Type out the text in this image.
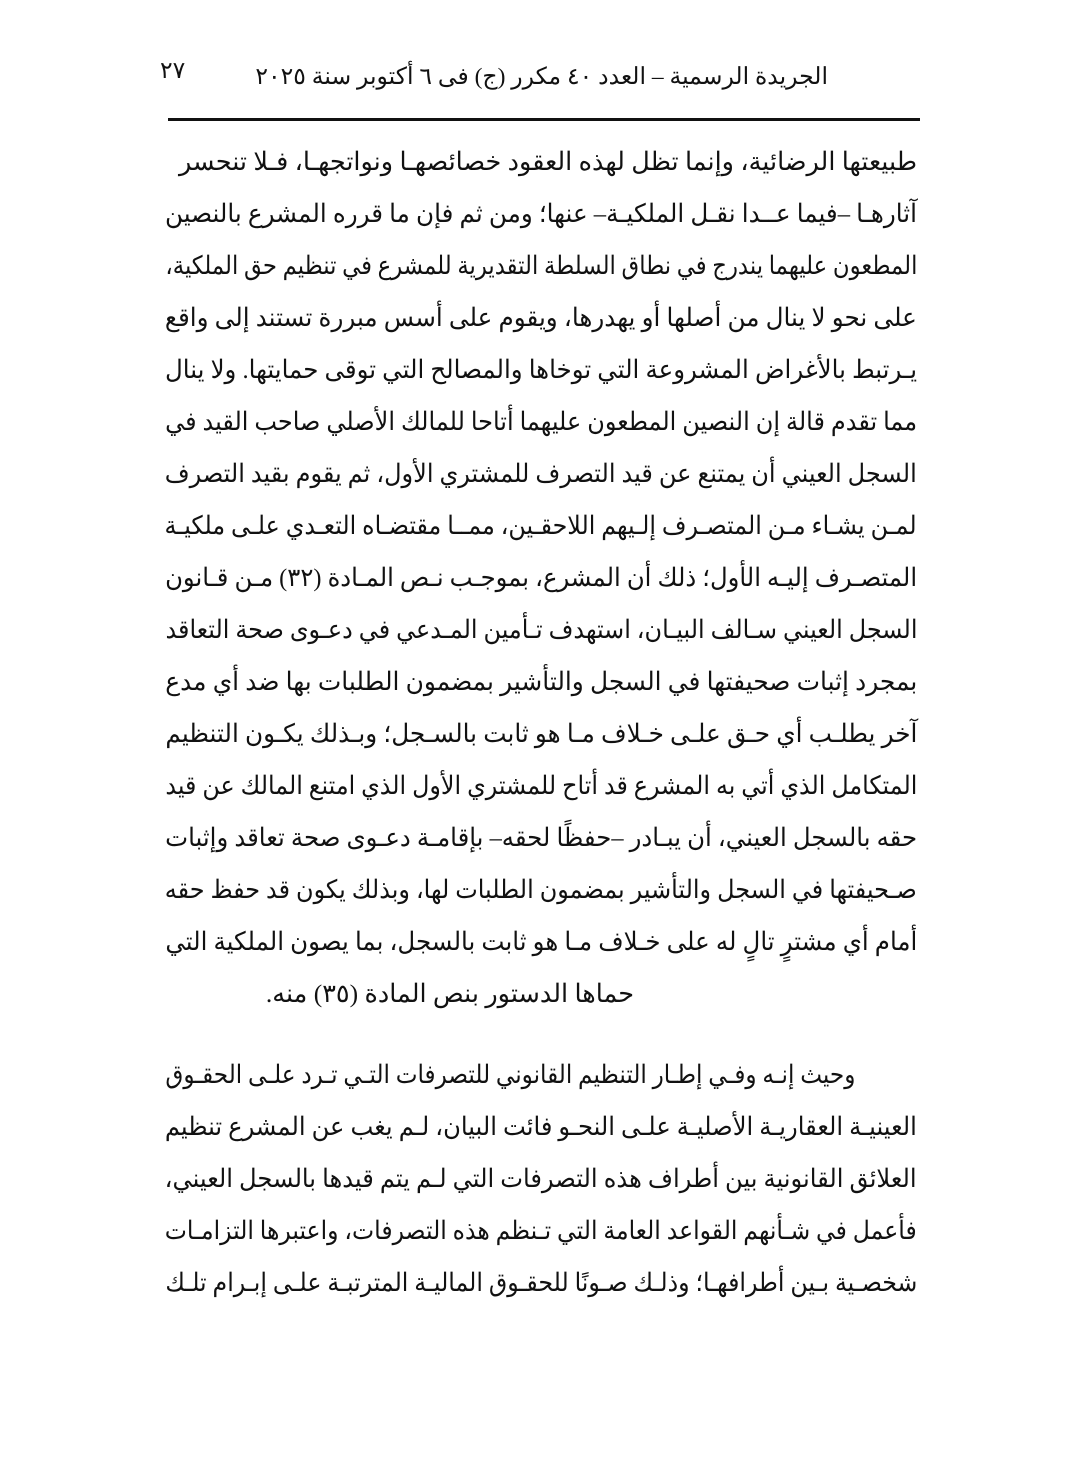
٢٧	الجريدة الرسمية – العدد ٤٠ مكرر (ج) فى ٦ أكتوبر سنة ٢٠٢٥
طبيعتها الرضائية، وإنما تظل لهذه العقود خصائصهـا ونواتجهـا، فـلا تنحسر
آثارهـا –فيما عــدا نقـل الملكيـة– عنها؛ ومن ثم فإن ما قرره المشرع بالنصين
المطعون عليهما يندرج في نطاق السلطة التقديرية للمشرع في تنظيم حق الملكية،
على نحو لا ينال من أصلها أو يهدرها، ويقوم على أسس مبررة تستند إلى واقع
يـرتبط بالأغراض المشروعة التي توخاها والمصالح التي توقى حمايتها. ولا ينال
مما تقدم قالة إن النصين المطعون عليهما أتاحا للمالك الأصلي صاحب القيد في
السجل العيني أن يمتنع عن قيد التصرف للمشتري الأول، ثم يقوم بقيد التصرف
لمـن يشـاء مـن المتصـرف إلـيهم اللاحقـين، ممــا مقتضـاه التعـدي علـى ملكيـة
المتصـرف إليـه الأول؛ ذلك أن المشرع، بموجـب نـص المـادة (٣٢) مـن قـانون
السجل العيني سـالف البيـان، استهدف تـأمين المـدعي في دعـوى صحة التعاقد
بمجرد إثبات صحيفتها في السجل والتأشير بمضمون الطلبات بها ضد أي مدع
آخر يطلـب أي حـق علـى خـلاف مـا هو ثابت بالسـجل؛ وبـذلك يكـون التنظيم
المتكامل الذي أتي به المشرع قد أتاح للمشتري الأول الذي امتنع المالك عن قيد
حقه بالسجل العيني، أن يبـادر –حفظًا لحقه– بإقامـة دعـوى صحة تعاقد وإثبات
صـحيفتها في السجل والتأشير بمضمون الطلبات لها، وبذلك يكون قد حفظ حقه
أمام أي مشترٍ تالٍ له على خـلاف مـا هو ثابت بالسجل، بما يصون الملكية التي
حماها الدستور بنص المادة (٣٥) منه.
وحيث إنـه وفـي إطـار التنظيم القانوني للتصرفات التـي تـرد علـى الحقـوق
العينيـة العقاريـة الأصليـة علـى النحـو فائت البيان، لـم يغب عن المشرع تنظيم
العلائق القانونية بين أطراف هذه التصرفات التي لـم يتم قيدها بالسجل العيني،
فأعمل في شـأنهم القواعد العامة التي تـنظم هذه التصرفات، واعتبرها التزامـات
شخصـية بـين أطرافهـا؛ وذلـك صـونًا للحقـوق الماليـة المترتبـة علـى إبـرام تلـك
